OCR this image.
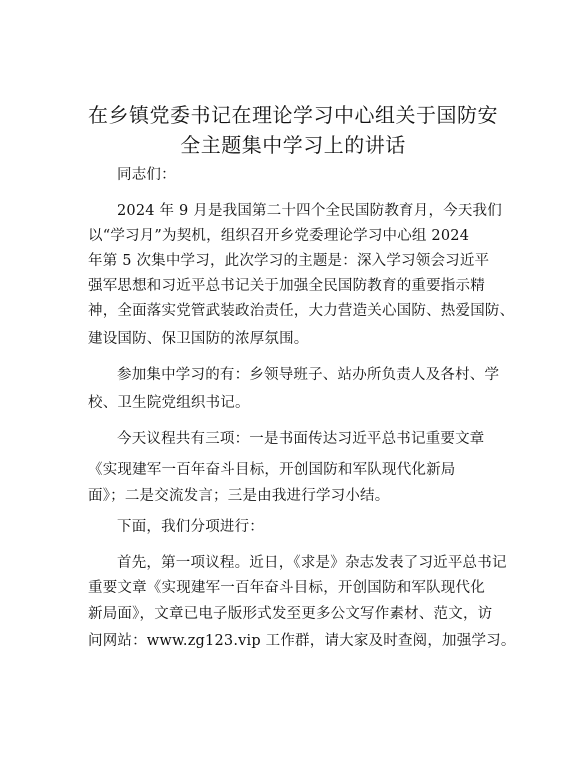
在乡镇党委书记在理论学习中心组关于国防安
全主题集中学习上的讲话
同志们：
2024 年 9 月是我国第二十四个全民国防教育月，今天我们
以“学习月”为契机，组织召开乡党委理论学习中心组 2024
年第 5 次集中学习，此次学习的主题是：深入学习领会习近平
强军思想和习近平总书记关于加强全民国防教育的重要指示精
神，全面落实党管武装政治责任，大力营造关心国防、热爱国防、
建设国防、保卫国防的浓厚氛围。
参加集中学习的有：乡领导班子、站办所负责人及各村、学
校、卫生院党组织书记。
今天议程共有三项：一是书面传达习近平总书记重要文章
《实现建军一百年奋斗目标，开创国防和军队现代化新局
面》；二是交流发言；三是由我进行学习小结。
下面，我们分项进行：
首先，第一项议程。近日，《求是》杂志发表了习近平总书记
重要文章《实现建军一百年奋斗目标，开创国防和军队现代化
新局面》，文章已电子版形式发至更多公文写作素材、范文，访
问网站：www.zg123.vip 工作群，请大家及时查阅，加强学习。
